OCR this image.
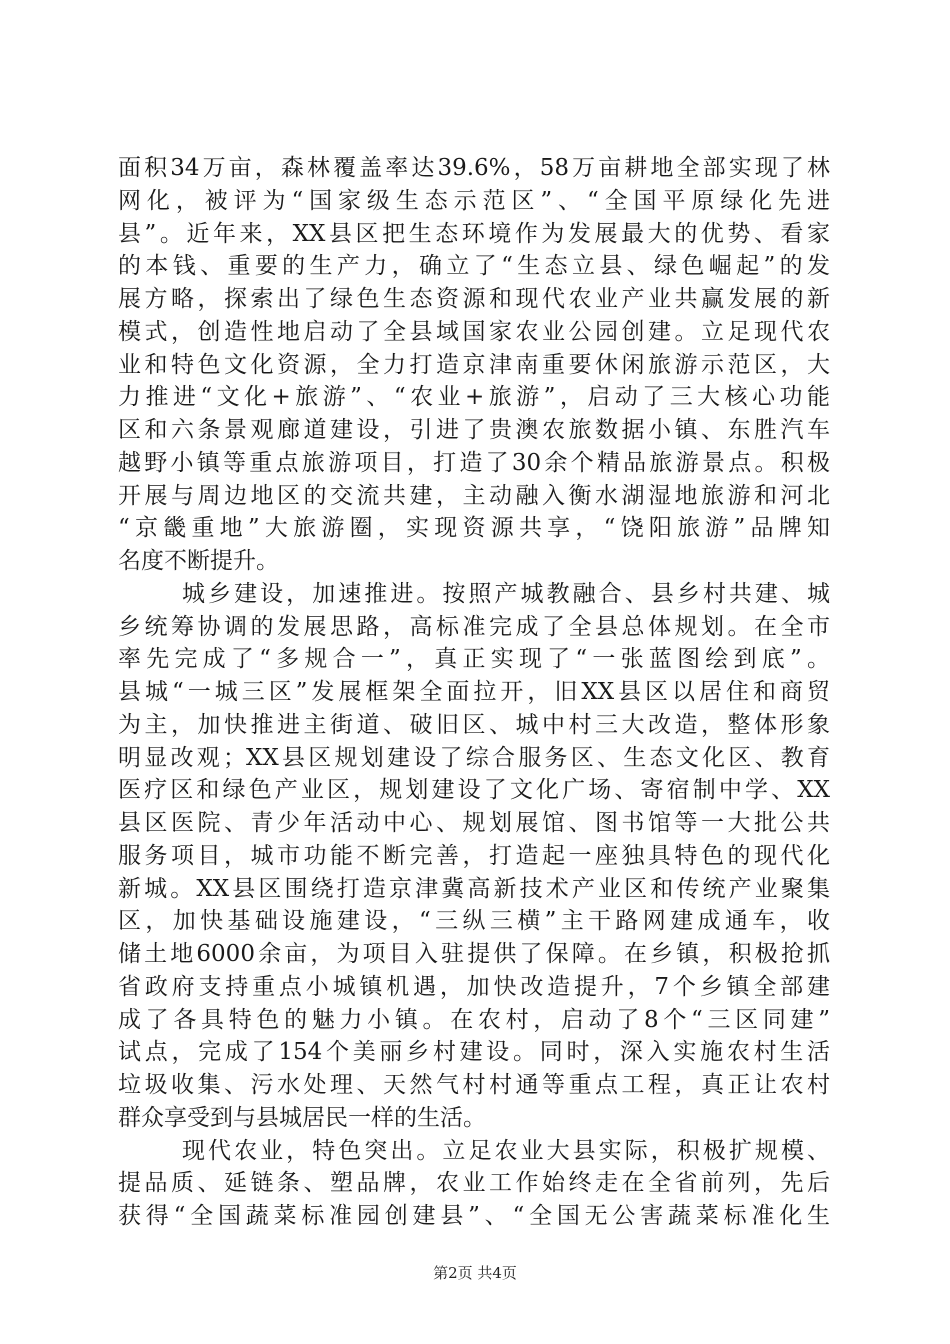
面积34万亩，森林覆盖率达39.6%，58万亩耕地全部实现了林
网化，被评为“国家级生态示范区”、“全国平原绿化先进
县”。近年来，XX县区把生态环境作为发展最大的优势、看家
的本钱、重要的生产力，确立了“生态立县、绿色崛起”的发
展方略，探索出了绿色生态资源和现代农业产业共赢发展的新
模式，创造性地启动了全县域国家农业公园创建。立足现代农
业和特色文化资源，全力打造京津南重要休闲旅游示范区，大
力推进“文化+旅游”、“农业+旅游”，启动了三大核心功能
区和六条景观廊道建设，引进了贵澳农旅数据小镇、东胜汽车
越野小镇等重点旅游项目，打造了30余个精品旅游景点。积极
开展与周边地区的交流共建，主动融入衡水湖湿地旅游和河北
“京畿重地”大旅游圈，实现资源共享，“饶阳旅游”品牌知
名度不断提升。
城乡建设，加速推进。按照产城教融合、县乡村共建、城
乡统筹协调的发展思路，高标准完成了全县总体规划。在全市
率先完成了“多规合一”，真正实现了“一张蓝图绘到底”。
县城“一城三区”发展框架全面拉开，旧XX县区以居住和商贸
为主，加快推进主街道、破旧区、城中村三大改造，整体形象
明显改观；XX县区规划建设了综合服务区、生态文化区、教育
医疗区和绿色产业区，规划建设了文化广场、寄宿制中学、XX
县区医院、青少年活动中心、规划展馆、图书馆等一大批公共
服务项目，城市功能不断完善，打造起一座独具特色的现代化
新城。XX县区围绕打造京津冀高新技术产业区和传统产业聚集
区，加快基础设施建设，“三纵三横”主干路网建成通车，收
储土地6000余亩，为项目入驻提供了保障。在乡镇，积极抢抓
省政府支持重点小城镇机遇，加快改造提升，7个乡镇全部建
成了各具特色的魅力小镇。在农村，启动了8个“三区同建”
试点，完成了154个美丽乡村建设。同时，深入实施农村生活
垃圾收集、污水处理、天然气村村通等重点工程，真正让农村
群众享受到与县城居民一样的生活。
现代农业，特色突出。立足农业大县实际，积极扩规模、
提品质、延链条、塑品牌，农业工作始终走在全省前列，先后
获得“全国蔬菜标准园创建县”、“全国无公害蔬菜标准化生
第2页 共4页
